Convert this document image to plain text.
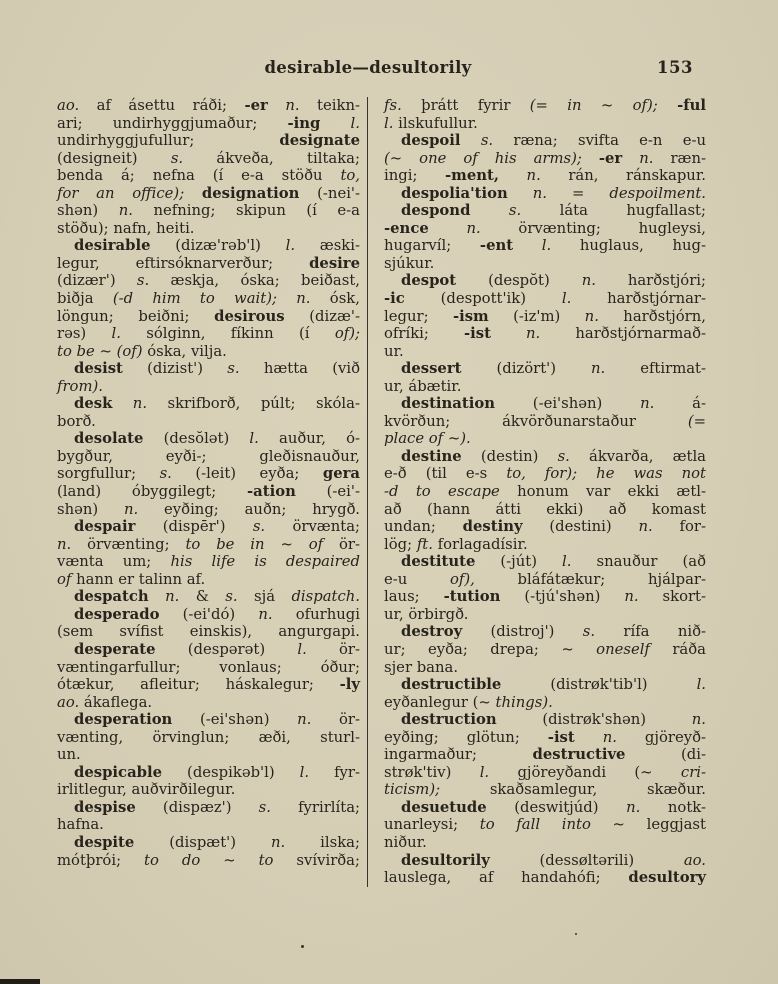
desirable—desultorily	153
ao. af ásettu ráði; -er n. teikn-
ari; undirhyggjumaður; -ing l.
undirhyggjufullur; designate
(designeit) s. ákveða, tiltaka;
benda á; nefna (í e-a stöðu to,
for an office); designation (-nei'-
shən) n. nefning; skipun (í e-a
stöðu); nafn, heiti.
desirable (dizæ'rəb'l) l. æski-
legur, eftirsóknarverður; desire
(dizær') s. æskja, óska; beiðast,
biðja (-d him to wait); n. ósk,
löngun; beiðni; desirous (dizæ'-
rəs) l. sólginn, fíkinn (í of);
to be ~ (of) óska, vilja.
desist (dizist') s. hætta (við
from).
desk n. skrifborð, púlt; skóla-
borð.
desolate (desŏlət) l. auður, ó-
bygður, eyði-; gleðisnauður,
sorgfullur; s. (-leit) eyða; gera
(land) óbyggilegt; -ation (-ei'-
shən) n. eyðing; auðn; hrygð.
despair (dispēr') s. örvænta;
n. örvænting; to be in ~ of ör-
vænta um; his life is despaired
of hann er talinn af.
despatch n. & s. sjá dispatch.
desperado (-ei'dó) n. ofurhugi
(sem svífist einskis), angurgapi.
desperate (despərət) l. ör-
væntingarfullur; vonlaus; óður;
ótækur, afleitur; háskalegur; -ly
ao. ákaflega.
desperation (-ei'shən) n. ör-
vænting, örvinglun; æði, sturl-
un.
despicable (despikəb'l) l. fyr-
irlitlegur, auðvirðilegur.
despise (dispæz') s. fyrirlíta;
hafna.
despite (dispæt') n. ilska;
mótþrói; to do ~ to svívirða;
fs. þrátt fyrir (= in ~ of); -ful
l. ilskufullur.
despoil s. ræna; svifta e-n e-u
(~ one of his arms); -er n. ræn-
ingi; -ment, n. rán, ránskapur.
despolia'tion n. = despoilment.
despond	s. láta hugfallast;
-ence	n. örvænting; hugleysi,
hugarvíl; -ent l. huglaus, hug-
sjúkur.
despot (despŏt) n. harðstjóri;
-ic (despott'ik) l. harðstjórnar-
legur; -ism (-iz'm) n. harðstjórn,
ofríki; -ist n. harðstjórnarmað-
ur.
dessert (dizört') n. eftirmat-
ur, ábætir.
destination (-ei'shən) n. á-
kvörðun; ákvörðunarstaður (=
place of ~).
destine (destin) s. ákvarða, ætla
e-ð (til e-s to, for); he was not
-d to escape honum var ekki ætl-
að (hann átti ekki) að komast
undan; destiny (destini) n. for-
lög; ft. forlagadísir.
destitute (-jút) l. snauður (að
e-u of), bláfátækur; hjálpar-
laus; -tution (-tjú'shən) n. skort-
ur, örbirgð.
destroy (distroj') s. rífa nið-
ur; eyða; drepa; ~ oneself ráða
sjer bana.
destructible (distrøk'tib'l) l.
eyðanlegur (~ things).
destruction (distrøk'shən) n.
eyðing; glötun; -ist n. gjöreyð-
ingarmaður; destructive (di-
strøk'tiv) l. gjöreyðandi (~ cri-
ticism); skaðsamlegur, skæður.
desuetude (deswitjúd) n. notk-
unarleysi; to fall into ~ leggjast
niður.
desultorily (dessøltərili) ao.
lauslega, af handahófi; desultory
